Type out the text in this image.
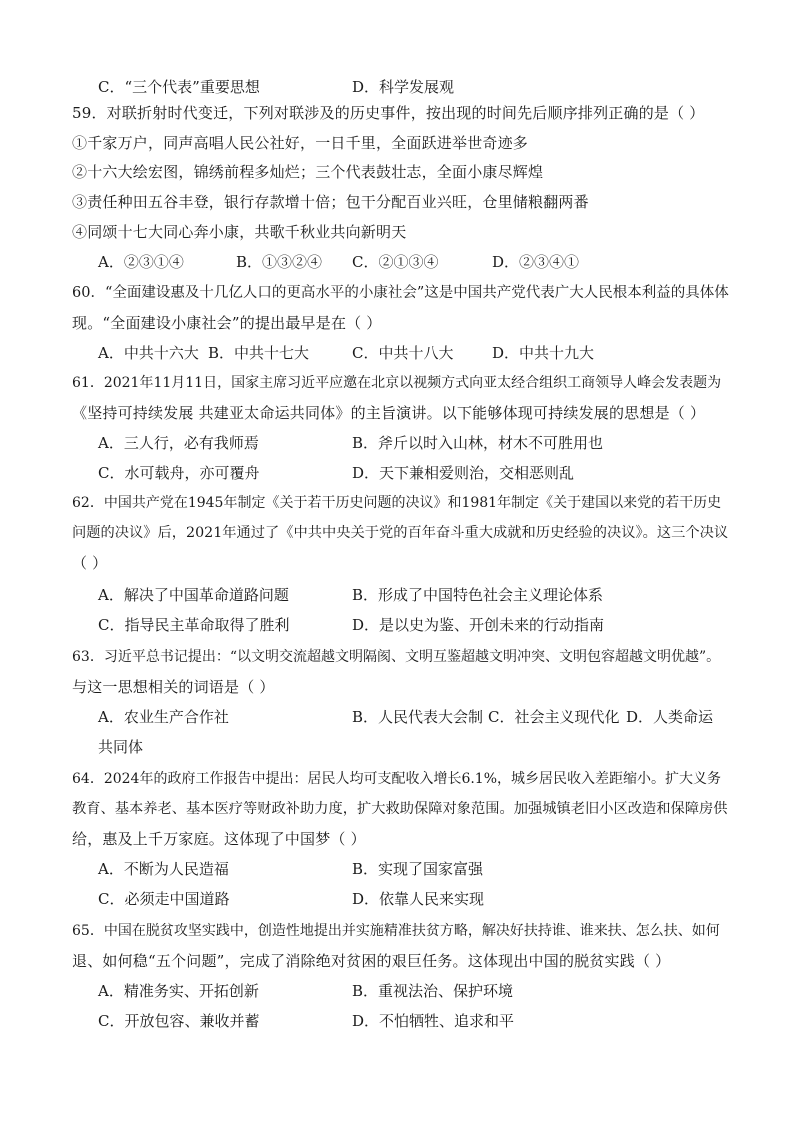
C．“三个代表”重要思想	D．科学发展观
59．对联折射时代变迁，下列对联涉及的历史事件，按出现的时间先后顺序排列正确的是（ ）
①千家万户，同声高唱人民公社好，一日千里，全面跃进举世奇迹多
②十六大绘宏图，锦绣前程多灿烂；三个代表鼓壮志，全面小康尽辉煌
③责任种田五谷丰登，银行存款增十倍；包干分配百业兴旺，仓里储粮翻两番
④同颂十七大同心奔小康，共歌千秋业共向新明天
A．②③①④	B．①③②④ C．②①③④	D．②③④①
60．“全面建设惠及十几亿人口的更高水平的小康社会”这是中国共产党代表广大人民根本利益的具体体
现。“全面建设小康社会”的提出最早是在（ ）
A．中共十六大 B．中共十七大	C．中共十八大	D．中共十九大
61．2021年11月11日，国家主席习近平应邀在北京以视频方式向亚太经合组织工商领导人峰会发表题为
《坚持可持续发展 共建亚太命运共同体》的主旨演讲。以下能够体现可持续发展的思想是（ ）
A．三人行，必有我师焉	B．斧斤以时入山林，材木不可胜用也
C．水可载舟，亦可覆舟	D．天下兼相爱则治，交相恶则乱
62．中国共产党在1945年制定《关于若干历史问题的决议》和1981年制定《关于建国以来党的若干历史
问题的决议》后，2021年通过了《中共中央关于党的百年奋斗重大成就和历史经验的决议》。这三个决议
（ ）
A．解决了中国革命道路问题	B．形成了中国特色社会主义理论体系
C．指导民主革命取得了胜利	D．是以史为鉴、开创未来的行动指南
63．习近平总书记提出：“以文明交流超越文明隔阂、文明互鉴超越文明冲突、文明包容超越文明优越”。
与这一思想相关的词语是（ ）
A．农业生产合作社	B．人民代表大会制 C．社会主义现代化 D．人类命运
共同体
64．2024年的政府工作报告中提出：居民人均可支配收入增长6.1%，城乡居民收入差距缩小。扩大义务
教育、基本养老、基本医疗等财政补助力度，扩大救助保障对象范围。加强城镇老旧小区改造和保障房供
给，惠及上千万家庭。这体现了中国梦（ ）
A．不断为人民造福	B．实现了国家富强
C．必须走中国道路	D．依靠人民来实现
65．中国在脱贫攻坚实践中，创造性地提出并实施精准扶贫方略，解决好扶持谁、谁来扶、怎么扶、如何
退、如何稳“五个问题”，完成了消除绝对贫困的艰巨任务。这体现出中国的脱贫实践（ ）
A．精准务实、开拓创新	B．重视法治、保护环境
C．开放包容、兼收并蓄	D．不怕牺牲、追求和平
